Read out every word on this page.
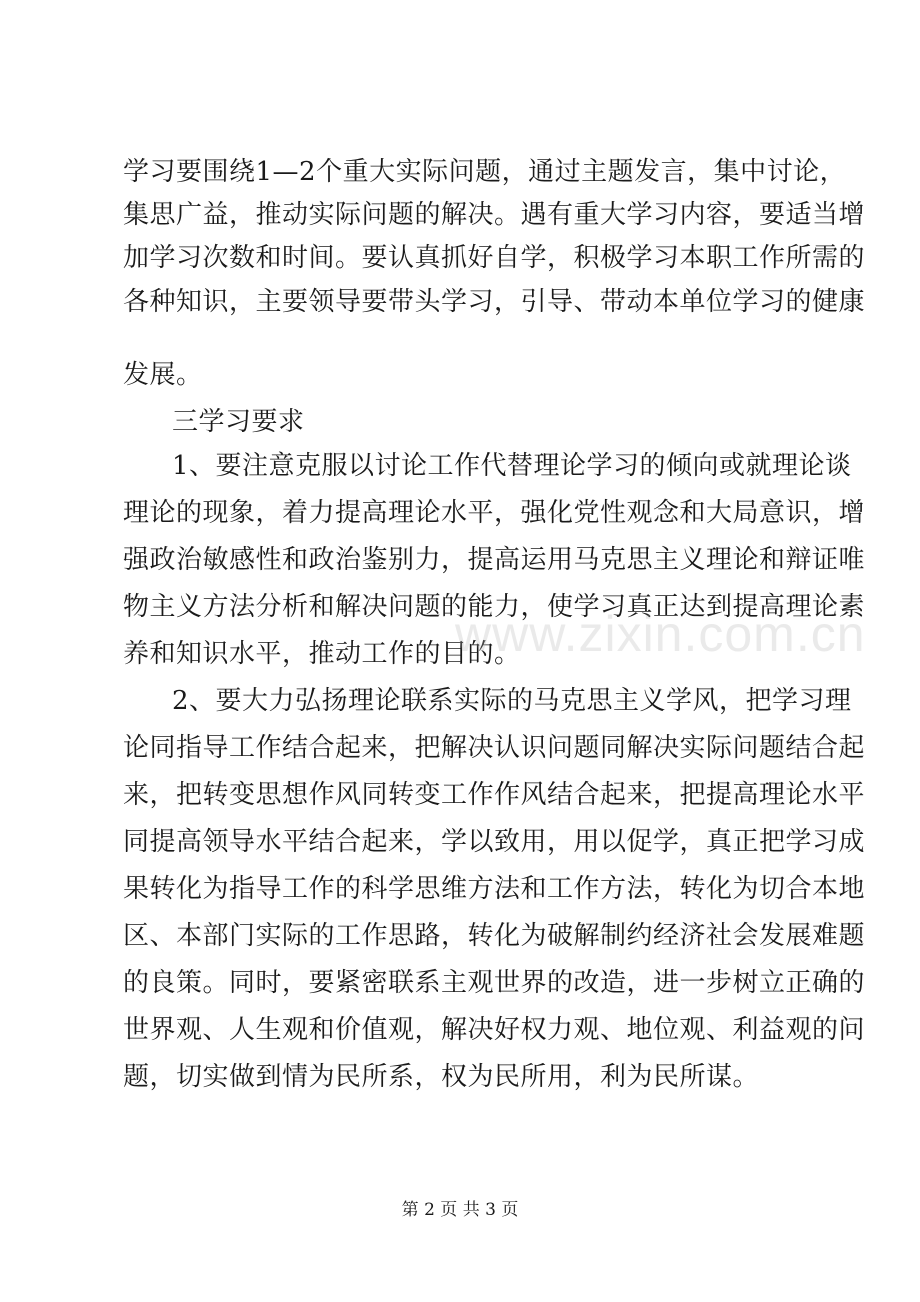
学习要围绕1—2个重大实际问题，通过主题发言，集中讨论，
集思广益，推动实际问题的解决。遇有重大学习内容，要适当增
加学习次数和时间。要认真抓好自学，积极学习本职工作所需的
各种知识，主要领导要带头学习，引导、带动本单位学习的健康
发展。
三学习要求
1、要注意克服以讨论工作代替理论学习的倾向或就理论谈
理论的现象，着力提高理论水平，强化党性观念和大局意识，增
强政治敏感性和政治鉴别力，提高运用马克思主义理论和辩证唯
物主义方法分析和解决问题的能力，使学习真正达到提高理论素
养和知识水平，推动工作的目的。
2、要大力弘扬理论联系实际的马克思主义学风，把学习理
论同指导工作结合起来，把解决认识问题同解决实际问题结合起
来，把转变思想作风同转变工作作风结合起来，把提高理论水平
同提高领导水平结合起来，学以致用，用以促学，真正把学习成
果转化为指导工作的科学思维方法和工作方法，转化为切合本地
区、本部门实际的工作思路，转化为破解制约经济社会发展难题
的良策。同时，要紧密联系主观世界的改造，进一步树立正确的
世界观、人生观和价值观，解决好权力观、地位观、利益观的问
题，切实做到情为民所系，权为民所用，利为民所谋。
www.zixin.com.cn
第 2 页 共 3 页
